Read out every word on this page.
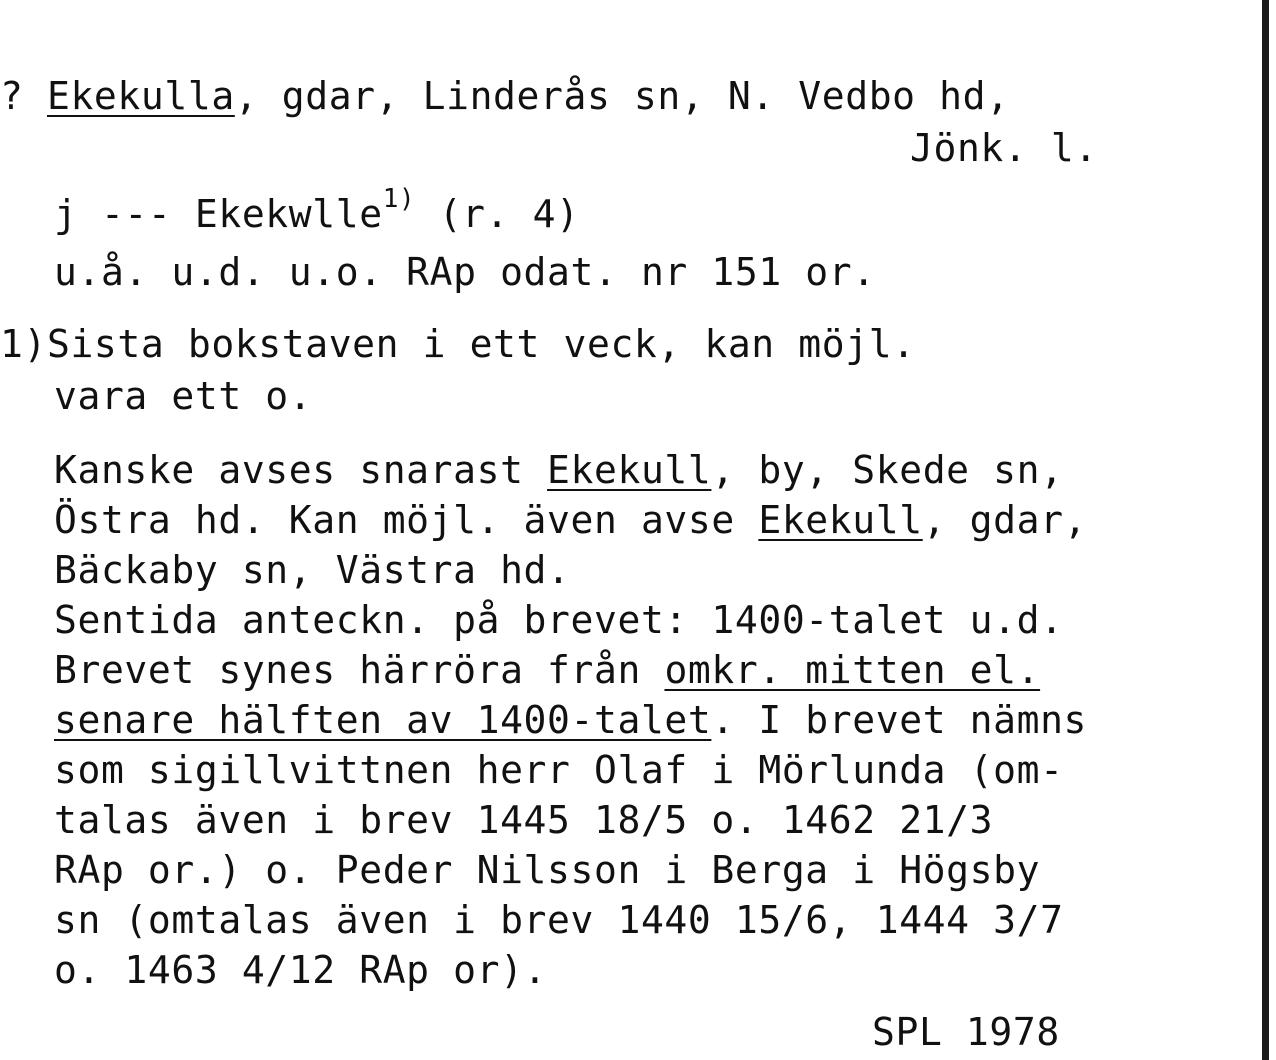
? Ekekulla, gdar, Linderås sn, N. Vedbo hd,
Jönk. l.
j --- Ekekwlle$^{1)}$ (r. 4)
u.å. u.d. u.o. RAp odat. nr 151 or.
1)Sista bokstaven i ett veck, kan möjl.
vara ett o.
Kanske avses snarast Ekekull, by, Skede sn,
Östra hd. Kan möjl. även avse Ekekull, gdar,
Bäckaby sn, Västra hd.
Sentida anteckn. på brevet: 1400-talet u.d.
Brevet synes härröra från omkr. mitten el.
senare hälften av 1400-talet. I brevet nämns
som sigillvittnen herr Olaf i Mörlunda (om-
talas även i brev 1445 18/5 o. 1462 21/3
RAp or.) o. Peder Nilsson i Berga i Högsby
sn (omtalas även i brev 1440 15/6, 1444 3/7
o. 1463 4/12 RAp or).
SPL 1978
